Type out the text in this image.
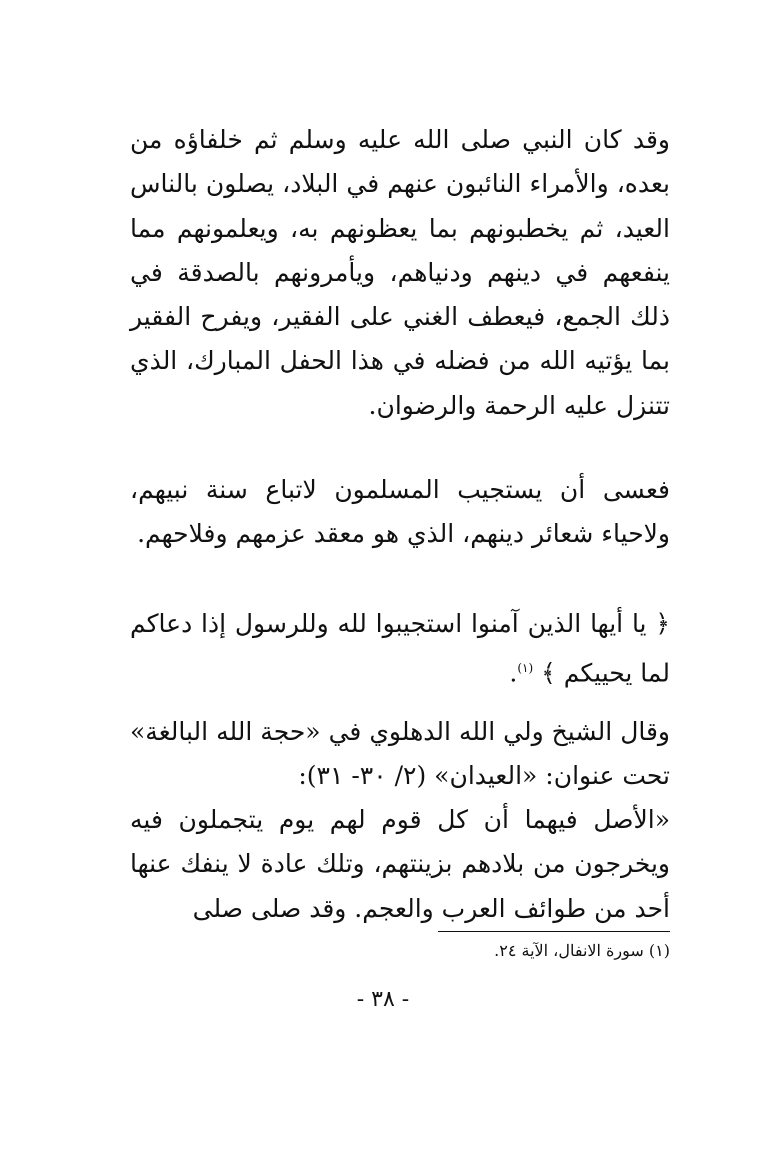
وقد كان النبي صلى الله عليه وسلم ثم خلفاؤه من بعده، والأمراء النائبون عنهم في البلاد، يصلون بالناس العيد، ثم يخطبونهم بما يعظونهم به، ويعلمونهم مما ينفعهم في دينهم ودنياهم، ويأمرونهم بالصدقة في ذلك الجمع، فيعطف الغني على الفقير، ويفرح الفقير بما يؤتيه الله من فضله في هذا الحفل المبارك، الذي تتنزل عليه الرحمة والرضوان.
فعسى أن يستجيب المسلمون لاتباع سنة نبيهم، ولاحياء شعائر دينهم، الذي هو معقد عزمهم وفلاحهم.
﴿ يا أيها الذين آمنوا استجيبوا لله وللرسول إذا دعاكم لما يحييكم ﴾ $^{(١)}$.
وقال الشيخ ولي الله الدهلوي في «حجة الله البالغة» تحت عنوان: «العيدان» (٢/ ٣٠- ٣١):
«الأصل فيهما أن كل قوم لهم يوم يتجملون فيه ويخرجون من بلادهم بزينتهم، وتلك عادة لا ينفك عنها أحد من طوائف العرب والعجم. وقد صلى صلى
(١) سورة الانفال، الآية ٢٤.
- ٣٨ -
